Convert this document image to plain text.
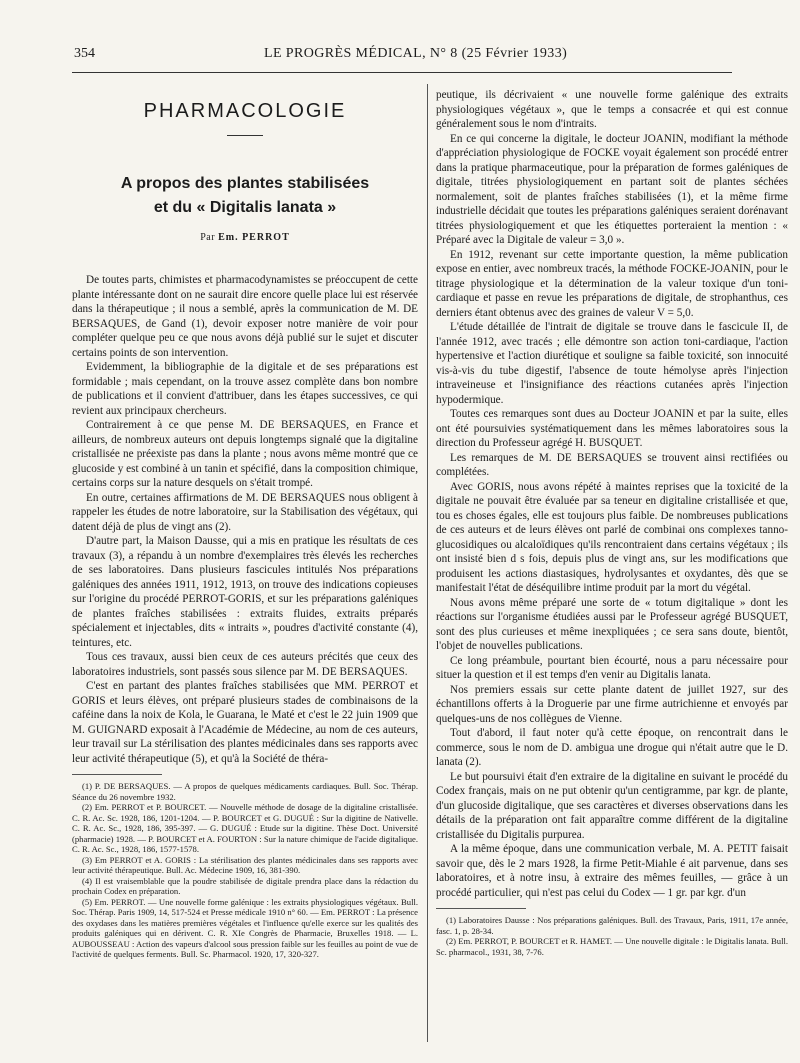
354	LE PROGRÈS MÉDICAL, N° 8 (25 Février 1933)
PHARMACOLOGIE
A propos des plantes stabilisées
et du « Digitalis lanata »
Par Em. PERROT

De toutes parts, chimistes et pharmacodynamistes se préoccupent de cette plante intéressante dont on ne saurait dire encore quelle place lui est réservée dans la thérapeutique ; il nous a semblé, après la communication de M. DE BERSAQUES, de Gand (1), devoir exposer notre manière de voir pour compléter quelque peu ce que nous avons déjà publié sur le sujet et discuter certains points de son intervention.

Evidemment, la bibliographie de la digitale et de ses préparations est formidable ; mais cependant, on la trouve assez complète dans bon nombre de publications et il convient d'attribuer, dans les étapes successives, ce qui revient aux principaux chercheurs.

Contrairement à ce que pense M. DE BERSAQUES, en France et ailleurs, de nombreux auteurs ont depuis longtemps signalé que la digitaline cristallisée ne préexiste pas dans la plante ; nous avons même montré que ce glucoside y est combiné à un tanin et spécifié, dans la composition chimique, certains corps sur la nature desquels on s'était trompé.

En outre, certaines affirmations de M. DE BERSAQUES nous obligent à rappeler les études de notre laboratoire, sur la Stabilisation des végétaux, qui datent déjà de plus de vingt ans (2).

D'autre part, la Maison Dausse, qui a mis en pratique les résultats de ces travaux (3), a répandu à un nombre d'exemplaires très élevés les recherches de ses laboratoires. Dans plusieurs fascicules intitulés Nos préparations galéniques des années 1911, 1912, 1913, on trouve des indications copieuses sur l'origine du procédé PERROT-GORIS, et sur les préparations galéniques de plantes fraîches stabilisées : extraits fluides, extraits préparés spécialement et injectables, dits « intraits », poudres d'activité constante (4), teintures, etc.

Tous ces travaux, aussi bien ceux de ces auteurs précités que ceux des laboratoires industriels, sont passés sous silence par M. DE BERSAQUES.

C'est en partant des plantes fraîches stabilisées que MM. PERROT et GORIS et leurs élèves, ont préparé plusieurs stades de combinaisons de la caféine dans la noix de Kola, le Guarana, le Maté et c'est le 22 juin 1909 que M. GUIGNARD exposait à l'Académie de Médecine, au nom de ces auteurs, leur travail sur La stérilisation des plantes médicinales dans ses rapports avec leur activité thérapeutique (5), et qu'à la Société de théra-

(1) P. DE BERSAQUES. — A propos de quelques médicaments cardiaques. Bull. Soc. Thérap. Séance du 26 novembre 1932.

(2) Em. PERROT et P. BOURCET. — Nouvelle méthode de dosage de la digitaline cristallisée. C. R. Ac. Sc. 1928, 186, 1201-1204. — P. BOURCET et G. DUGUÉ : Sur la digitine de Nativelle. C. R. Ac. Sc., 1928, 186, 395-397. — G. DUGUÉ : Etude sur la digitine. Thèse Doct. Université (pharmacie) 1928. — P. BOURCET et A. FOURTON : Sur la nature chimique de l'acide digitalique. C. R. Ac. Sc., 1928, 186, 1577-1578.

(3) Em PERROT et A. GORIS : La stérilisation des plantes médicinales dans ses rapports avec leur activité thérapeutique. Bull. Ac. Médecine 1909, 16, 381-390.

(4) Il est vraisemblable que la poudre stabilisée de digitale prendra place dans la rédaction du prochain Codex en préparation.

(5) Em. PERROT. — Une nouvelle forme galénique : les extraits physiologiques végétaux. Bull. Soc. Thérap. Paris 1909, 14, 517-524 et Presse médicale 1910 n° 60. — Em. PERROT : La présence des oxydases dans les matières premières végétales et l'influence qu'elle exerce sur les qualités des produits galéniques qui en dérivent. C. R. XIe Congrès de Pharmacie, Bruxelles 1918. — L. AUBOUSSEAU : Action des vapeurs d'alcool sous pression faible sur les feuilles au point de vue de l'activité de quelques ferments. Bull. Sc. Pharmacol. 1920, 17, 320-327.

peutique, ils décrivaient « une nouvelle forme galénique des extraits physiologiques végétaux », que le temps a consacrée et qui est connue généralement sous le nom d'intraits.

En ce qui concerne la digitale, le docteur JOANIN, modifiant la méthode d'appréciation physiologique de FOCKE voyait également son procédé entrer dans la pratique pharmaceutique, pour la préparation de formes galéniques de digitale, titrées physiologiquement en partant soit de plantes séchées normalement, soit de plantes fraîches stabilisées (1), et la même firme industrielle décidait que toutes les préparations galéniques seraient dorénavant titrées physiologiquement et que les étiquettes porteraient la mention : « Préparé avec la Digitale de valeur = 3,0 ».

En 1912, revenant sur cette importante question, la même publication expose en entier, avec nombreux tracés, la méthode FOCKE-JOANIN, pour le titrage physiologique et la détermination de la valeur toxique d'un toni-cardiaque et passe en revue les préparations de digitale, de strophanthus, ces derniers étant obtenus avec des graines de valeur V = 5,0.

L'étude détaillée de l'intrait de digitale se trouve dans le fascicule II, de l'année 1912, avec tracés ; elle démontre son action toni-cardiaque, l'action hypertensive et l'action diurétique et souligne sa faible toxicité, son innocuité vis-à-vis du tube digestif, l'absence de toute hémolyse après l'injection intraveineuse et l'insignifiance des réactions cutanées après l'injection hypodermique.

Toutes ces remarques sont dues au Docteur JOANIN et par la suite, elles ont été poursuivies systématiquement dans les mêmes laboratoires sous la direction du Professeur agrégé H. BUSQUET.

Les remarques de M. DE BERSAQUES se trouvent ainsi rectifiées ou complétées.

Avec GORIS, nous avons répété à maintes reprises que la toxicité de la digitale ne pouvait être évaluée par sa teneur en digitaline cristallisée et que, tou es choses égales, elle est toujours plus faible. De nombreuses publications de ces auteurs et de leurs élèves ont parlé de combinai ons complexes tanno-glucosidiques ou alcaloïdiques qu'ils rencontraient dans certains végétaux ; ils ont insisté bien d s fois, depuis plus de vingt ans, sur les modifications que produisent les actions diastasiques, hydrolysantes et oxydantes, dès que se manifestait l'état de déséquilibre intime produit par la mort du végétal.

Nous avons même préparé une sorte de « totum digitalique » dont les réactions sur l'organisme étudiées aussi par le Professeur agrégé BUSQUET, sont des plus curieuses et même inexpliquées ; ce sera sans doute, bientôt, l'objet de nouvelles publications.

Ce long préambule, pourtant bien écourté, nous a paru nécessaire pour situer la question et il est temps d'en venir au Digitalis lanata.

Nos premiers essais sur cette plante datent de juillet 1927, sur des échantillons offerts à la Droguerie par une firme autrichienne et envoyés par quelques-uns de nos collègues de Vienne.

Tout d'abord, il faut noter qu'à cette époque, on rencontrait dans le commerce, sous le nom de D. ambigua une drogue qui n'était autre que le D. lanata (2).

Le but poursuivi était d'en extraire de la digitaline en suivant le procédé du Codex français, mais on ne put obtenir qu'un centigramme, par kgr. de plante, d'un glucoside digitalique, que ses caractères et diverses observations dans les détails de la préparation ont fait apparaître comme différent de la digitaline cristallisée du Digitalis purpurea.

A la même époque, dans une communication verbale, M. A. PETIT faisait savoir que, dès le 2 mars 1928, la firme Petit-Miahle é ait parvenue, dans ses laboratoires, et à notre insu, à extraire des mêmes feuilles, — grâce à un procédé particulier, qui n'est pas celui du Codex — 1 gr. par kgr. d'un

(1) Laboratoires Dausse : Nos préparations galéniques. Bull. des Travaux, Paris, 1911, 17e année, fasc. 1, p. 28-34.

(2) Em. PERROT, P. BOURCET et R. HAMET. — Une nouvelle digitale : le Digitalis lanata. Bull. Sc. pharmacol., 1931, 38, 7-76.
